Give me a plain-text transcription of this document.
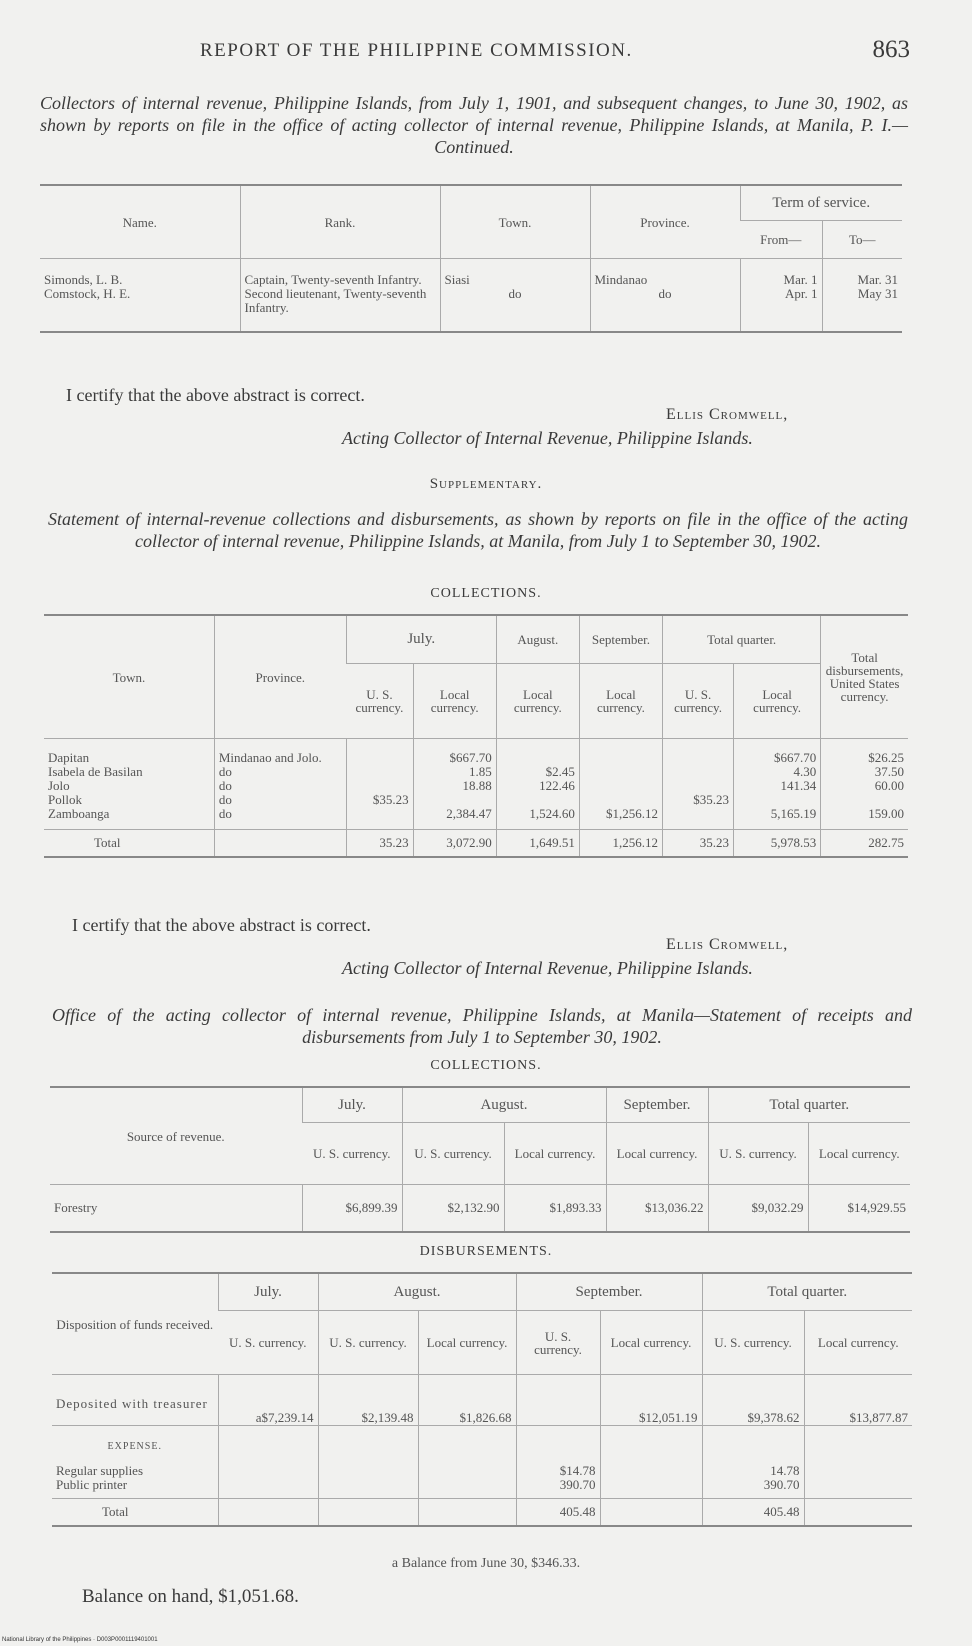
REPORT OF THE PHILIPPINE COMMISSION.	863
Collectors of internal revenue, Philippine Islands, from July 1, 1901, and subsequent changes, to June 30, 1902, as shown by reports on file in the office of acting collector of internal revenue, Philippine Islands, at Manila, P. I.—Continued.
Name.	Rank.	Town.	Province.	Term of service.	
				From—	To—
Simonds, L. B.	Captain, Twenty-seventh Infantry.	Siasi	Mindanao	Mar. 1	Mar. 31
Comstock, H. E.	Second lieutenant, Twenty-seventh Infantry.	do	do	Apr. 1	May 31
I certify that the above abstract is correct.
Ellis Cromwell,
Acting Collector of Internal Revenue, Philippine Islands.
Supplementary.
Statement of internal-revenue collections and disbursements, as shown by reports on file in the office of the acting collector of internal revenue, Philippine Islands, at Manila, from July 1 to September 30, 1902.
COLLECTIONS.
Town.	Province.	July.		August.	September.	Total quarter.		Total disbursements, United States currency.
		U. S. currency.	Local currency.	Local currency.	Local currency.	U. S. currency.	Local currency.	
Dapitan	Mindanao and Jolo.		$667.70				$667.70	$26.25
Isabela de Basilan	do		1.85	$2.45			4.30	37.50
Jolo	do		18.88	122.46			141.34	60.00
Pollok	do	$35.23				$35.23		
Zamboanga	do		2,384.47	1,524.60	$1,256.12		5,165.19	159.00
Total		35.23	3,072.90	1,649.51	1,256.12	35.23	5,978.53	282.75
I certify that the above abstract is correct.
Ellis Cromwell,
Acting Collector of Internal Revenue, Philippine Islands.
Office of the acting collector of internal revenue, Philippine Islands, at Manila—Statement of receipts and disbursements from July 1 to September 30, 1902.
COLLECTIONS.
Source of revenue.	July.	August.		September.	Total quarter.	
	U. S. currency.	U. S. currency.	Local currency.	Local currency.	U. S. currency.	Local currency.
Forestry	$6,899.39	$2,132.90	$1,893.33	$13,036.22	$9,032.29	$14,929.55
DISBURSEMENTS.
Disposition of funds received.	July.	August.		September.		Total quarter.	
	U. S. currency.	U. S. currency.	Local currency.	U. S. currency.	Local currency.	U. S. currency.	Local currency.
Deposited with treasurer	a$7,239.14	$2,139.48	$1,826.68		$12,051.19	$9,378.62	$13,877.87
EXPENSE.							
Regular supplies				$14.78		14.78	
Public printer				390.70		390.70	
Total				405.48		405.48	
a Balance from June 30, $346.33.
Balance on hand, $1,051.68.
National Library of the Philippines · D003P0001119401001
